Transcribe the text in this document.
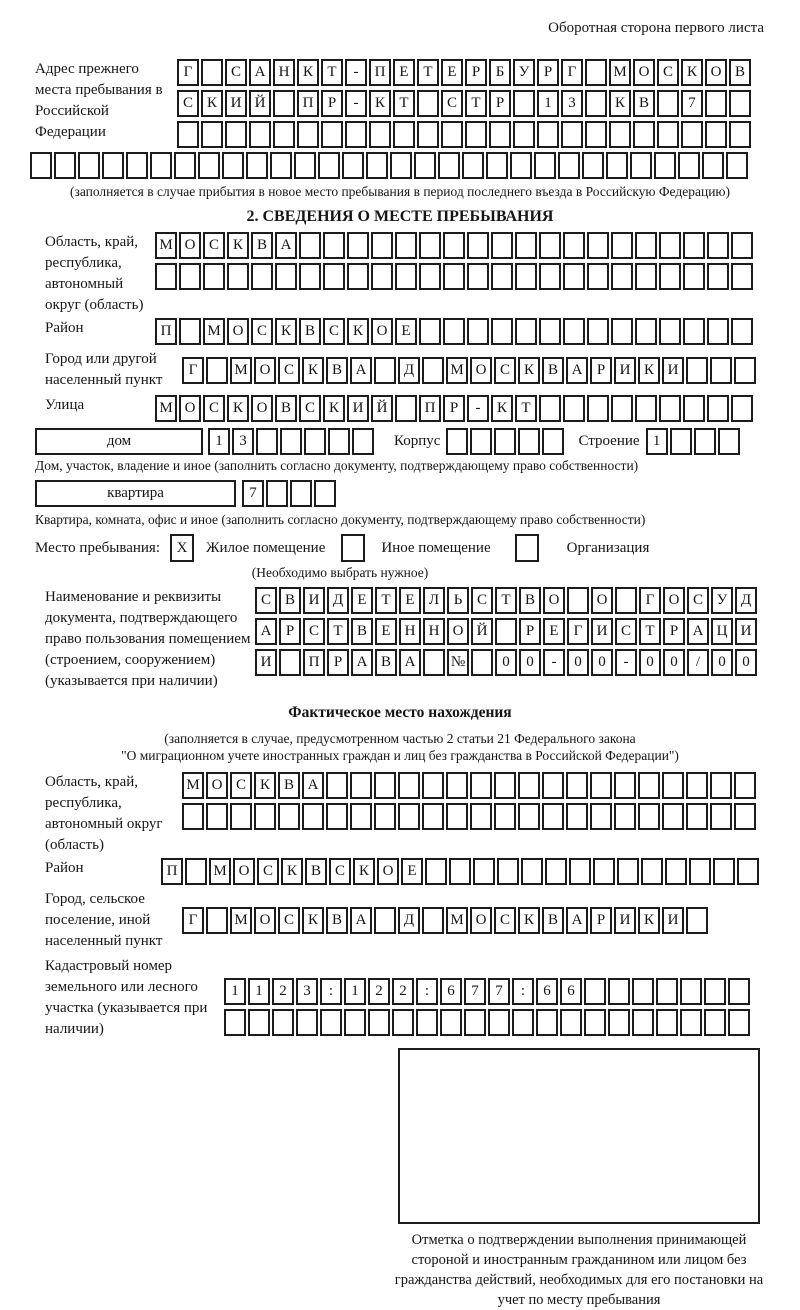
Оборотная сторона первого листа
Адрес прежнего места пребывания в Российской Федерации
Г	С А Н К Т	-	П Е Т Е	Р	Б У Р	Г	М О С К О В
С К И Й	П Р	-	К Т	С Т	Р	1	3	К В	7
(заполняется в случае прибытия в новое место пребывания в период последнего въезда в Российскую Федерацию)
2. СВЕДЕНИЯ О МЕСТЕ ПРЕБЫВАНИЯ
Область, край, республика, автономный округ (область)
М О С К В А
Район	П	М О С К В С К О Е
Город или другой населенный пункт
Г	М О С К В А	Д	М О С К В А Р И К И
Улица	М О С К О В С К И Й	П Р	-	К Т
дом	1	3	Корпус	Строение 1
Дом, участок, владение и иное (заполнить согласно документу, подтверждающему право собственности)
квартира	7
Квартира, комната, офис и иное (заполнить согласно документу, подтверждающему право собственности)
Место пребывания:	X	Жилое помещение	Иное помещение	Организация
(Необходимо выбрать нужное)
Наименование и реквизиты документа, подтверждающего право пользования помещением (строением, сооружением) (указывается при наличии)
С В И Д Е Т Е Л Ь С Т В О	О	Г О С У Д
А Р С Т В Е Н Н О Й	Р	Е	Г И С Т	Р А Ц И
И	П Р А В А	№	0	0	-	0	0	-	0	0	/	0	0
Фактическое место нахождения
(заполняется в случае, предусмотренном частью 2 статьи 21 Федерального закона
"О миграционном учете иностранных граждан и лиц без гражданства в Российской Федерации")
Область, край, республика, автономный округ (область)
М О С К В А
Район	П	М О С К В С К О Е
Город, сельское поселение, иной населенный пункт
Г	М О С К В А	Д	М О С К В А Р И К И
Кадастровый номер земельного или лесного участка (указывается при наличии)
1	1	2	3	:	1	2	2	:	6	7	7	:	6	6
Отметка о подтверждении выполнения принимающей стороной и иностранным гражданином или лицом без гражданства действий, необходимых для его постановки на учет по месту пребывания
